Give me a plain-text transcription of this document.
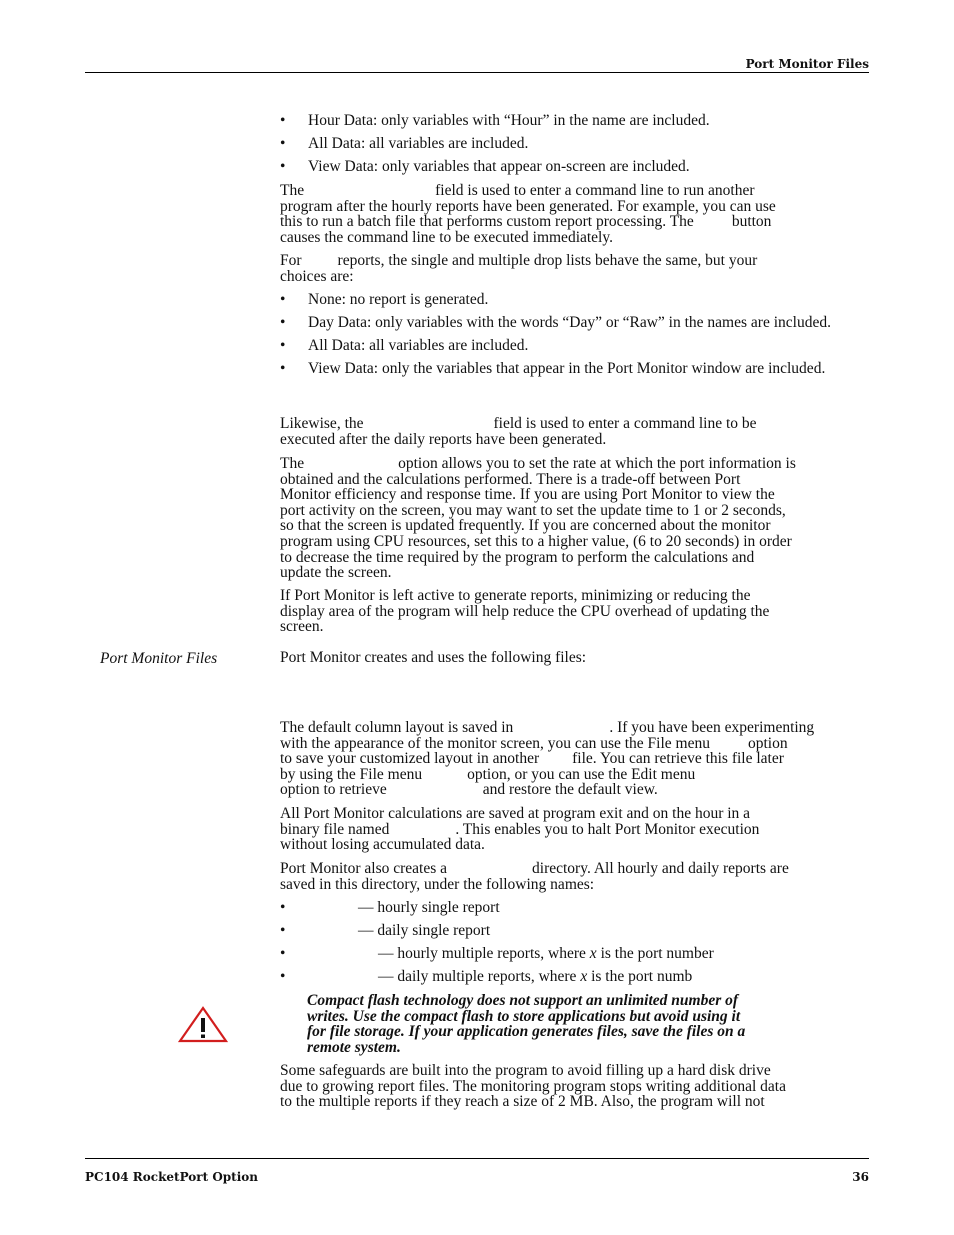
Port Monitor Files
• Hour Data: only variables with “Hour” in the name are included.
• All Data: all variables are included.
• View Data: only variables that appear on-screen are included.
The	field is used to enter a command line to run another
program after the hourly reports have been generated. For example, you can use
this to run a batch file that performs custom report processing. The button
causes the command line to be executed immediately.
For reports, the single and multiple drop lists behave the same, but your
choices are:
• None: no report is generated.
• Day Data: only variables with the words “Day” or “Raw” in the names are included.
• All Data: all variables are included.
• View Data: only the variables that appear in the Port Monitor window are included.
Likewise, the	field is used to enter a command line to be
executed after the daily reports have been generated.
The	option allows you to set the rate at which the port information is
obtained and the calculations performed. There is a trade-off between Port
Monitor efficiency and response time. If you are using Port Monitor to view the
port activity on the screen, you may want to set the update time to 1 or 2 seconds,
so that the screen is updated frequently. If you are concerned about the monitor
program using CPU resources, set this to a higher value, (6 to 20 seconds) in order
to decrease the time required by the program to perform the calculations and
update the screen.
If Port Monitor is left active to generate reports, minimizing or reducing the
display area of the program will help reduce the CPU overhead of updating the
screen.
Port Monitor Files	Port Monitor creates and uses the following files:
The default column layout is saved in	. If you have been experimenting
with the appearance of the monitor screen, you can use the File menu option
to save your customized layout in another file. You can retrieve this file later
by using the File menu	option, or you can use the Edit menu
option to retrieve	and restore the default view.
All Port Monitor calculations are saved at program exit and on the hour in a
binary file named	. This enables you to halt Port Monitor execution
without losing accumulated data.
Port Monitor also creates a	directory. All hourly and daily reports are
saved in this directory, under the following names:
•	— hourly single report
•	— daily single report
•	— hourly multiple reports, where x is the port number
•	— daily multiple reports, where x is the port numb
Compact flash technology does not support an unlimited number of
writes. Use the compact flash to store applications but avoid using it
for file storage. If your application generates files, save the files on a
remote system.
Some safeguards are built into the program to avoid filling up a hard disk drive
due to growing report files. The monitoring program stops writing additional data
to the multiple reports if they reach a size of 2 MB. Also, the program will not
PC104 RocketPort Option	36
